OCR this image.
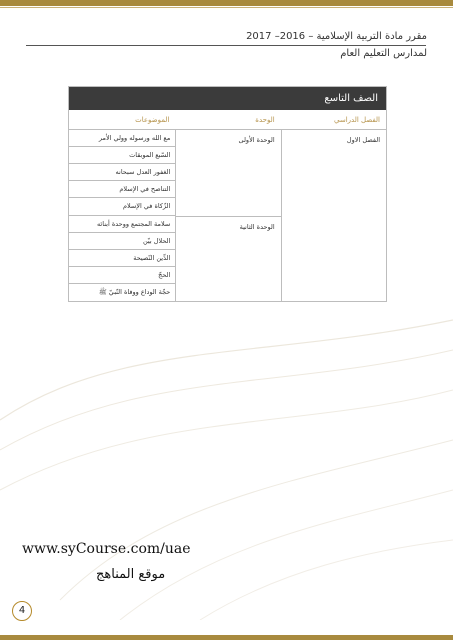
مقرر مادة التربية الإسلامية – 2016– 2017
لمدارس التعليم العام
الصف التاسع
الفصل الدراسي
الوحدة
الموضوعات
الفصل الاول
الوحدة الأولى
الوحدة الثانية
مع الله ورسوله وولي الأمر
السّبع الموبقات
الغفور العدل سبحانه
التناصح في الإسلام
الزّكاة في الإسلام
سلامة المجتمع ووحدة أبنائه
الحلال بيّن
الدِّين النّصيحة
الحجّ
حجّة الوداع ووفاة النّبيّ ﷺ
www.syCourse.com/uae
موقع المناهج
4
